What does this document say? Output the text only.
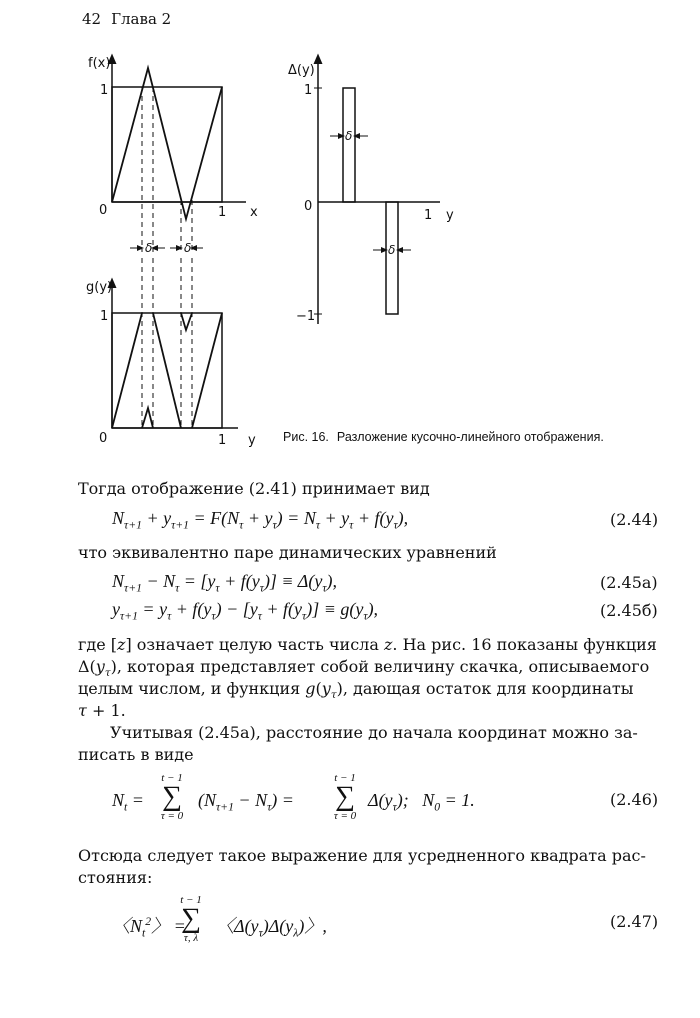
42 Глава 2
f(x)
1
0	1 x
δ	δ
g(y)
1
0	1 y
δ
δ
Δ(y)
1
0
−1
1 y
Рис. 16. Разложение кусочно-линейного отображения.
Тогда отображение (2.41) принимает вид
$N_{\tau+1} + y_{\tau+1} = F(N_\tau + y_\tau) = N_\tau + y_\tau + f(y_\tau)$,	(2.44)
что эквивалентно паре динамических уравнений
$N_{\tau+1} - N_\tau = [y_\tau + f(y_\tau)] \equiv \Delta(y_\tau)$,	(2.45а)
$y_{\tau+1} = y_\tau + f(y_\tau) - [y_\tau + f(y_\tau)] \equiv g(y_\tau)$,	(2.45б)
где [z] означает целую часть числа z. На рис. 16 показаны функция
$\Delta(y_\tau)$, которая представляет собой величину скачка, описываемого
целым числом, и функция $g(y_\tau)$, дающая остаток для координаты
τ + 1.
Учитывая (2.45а), расстояние до начала координат можно за-
писать в виде
$N_t$ =
t − 1
∑
τ = 0
$(N_{\tau+1} - N_\tau)$ =
t − 1
∑
τ = 0
$\Delta(y_\tau)$;   $N_0 = 1$.	(2.46)
Отсюда следует такое выражение для усредненного квадрата рас-
стояния:
〈$N_t^2$〉 =
t − 1
∑
τ, λ
〈$\Delta(y_\tau)\Delta(y_\lambda)$〉,	(2.47)
